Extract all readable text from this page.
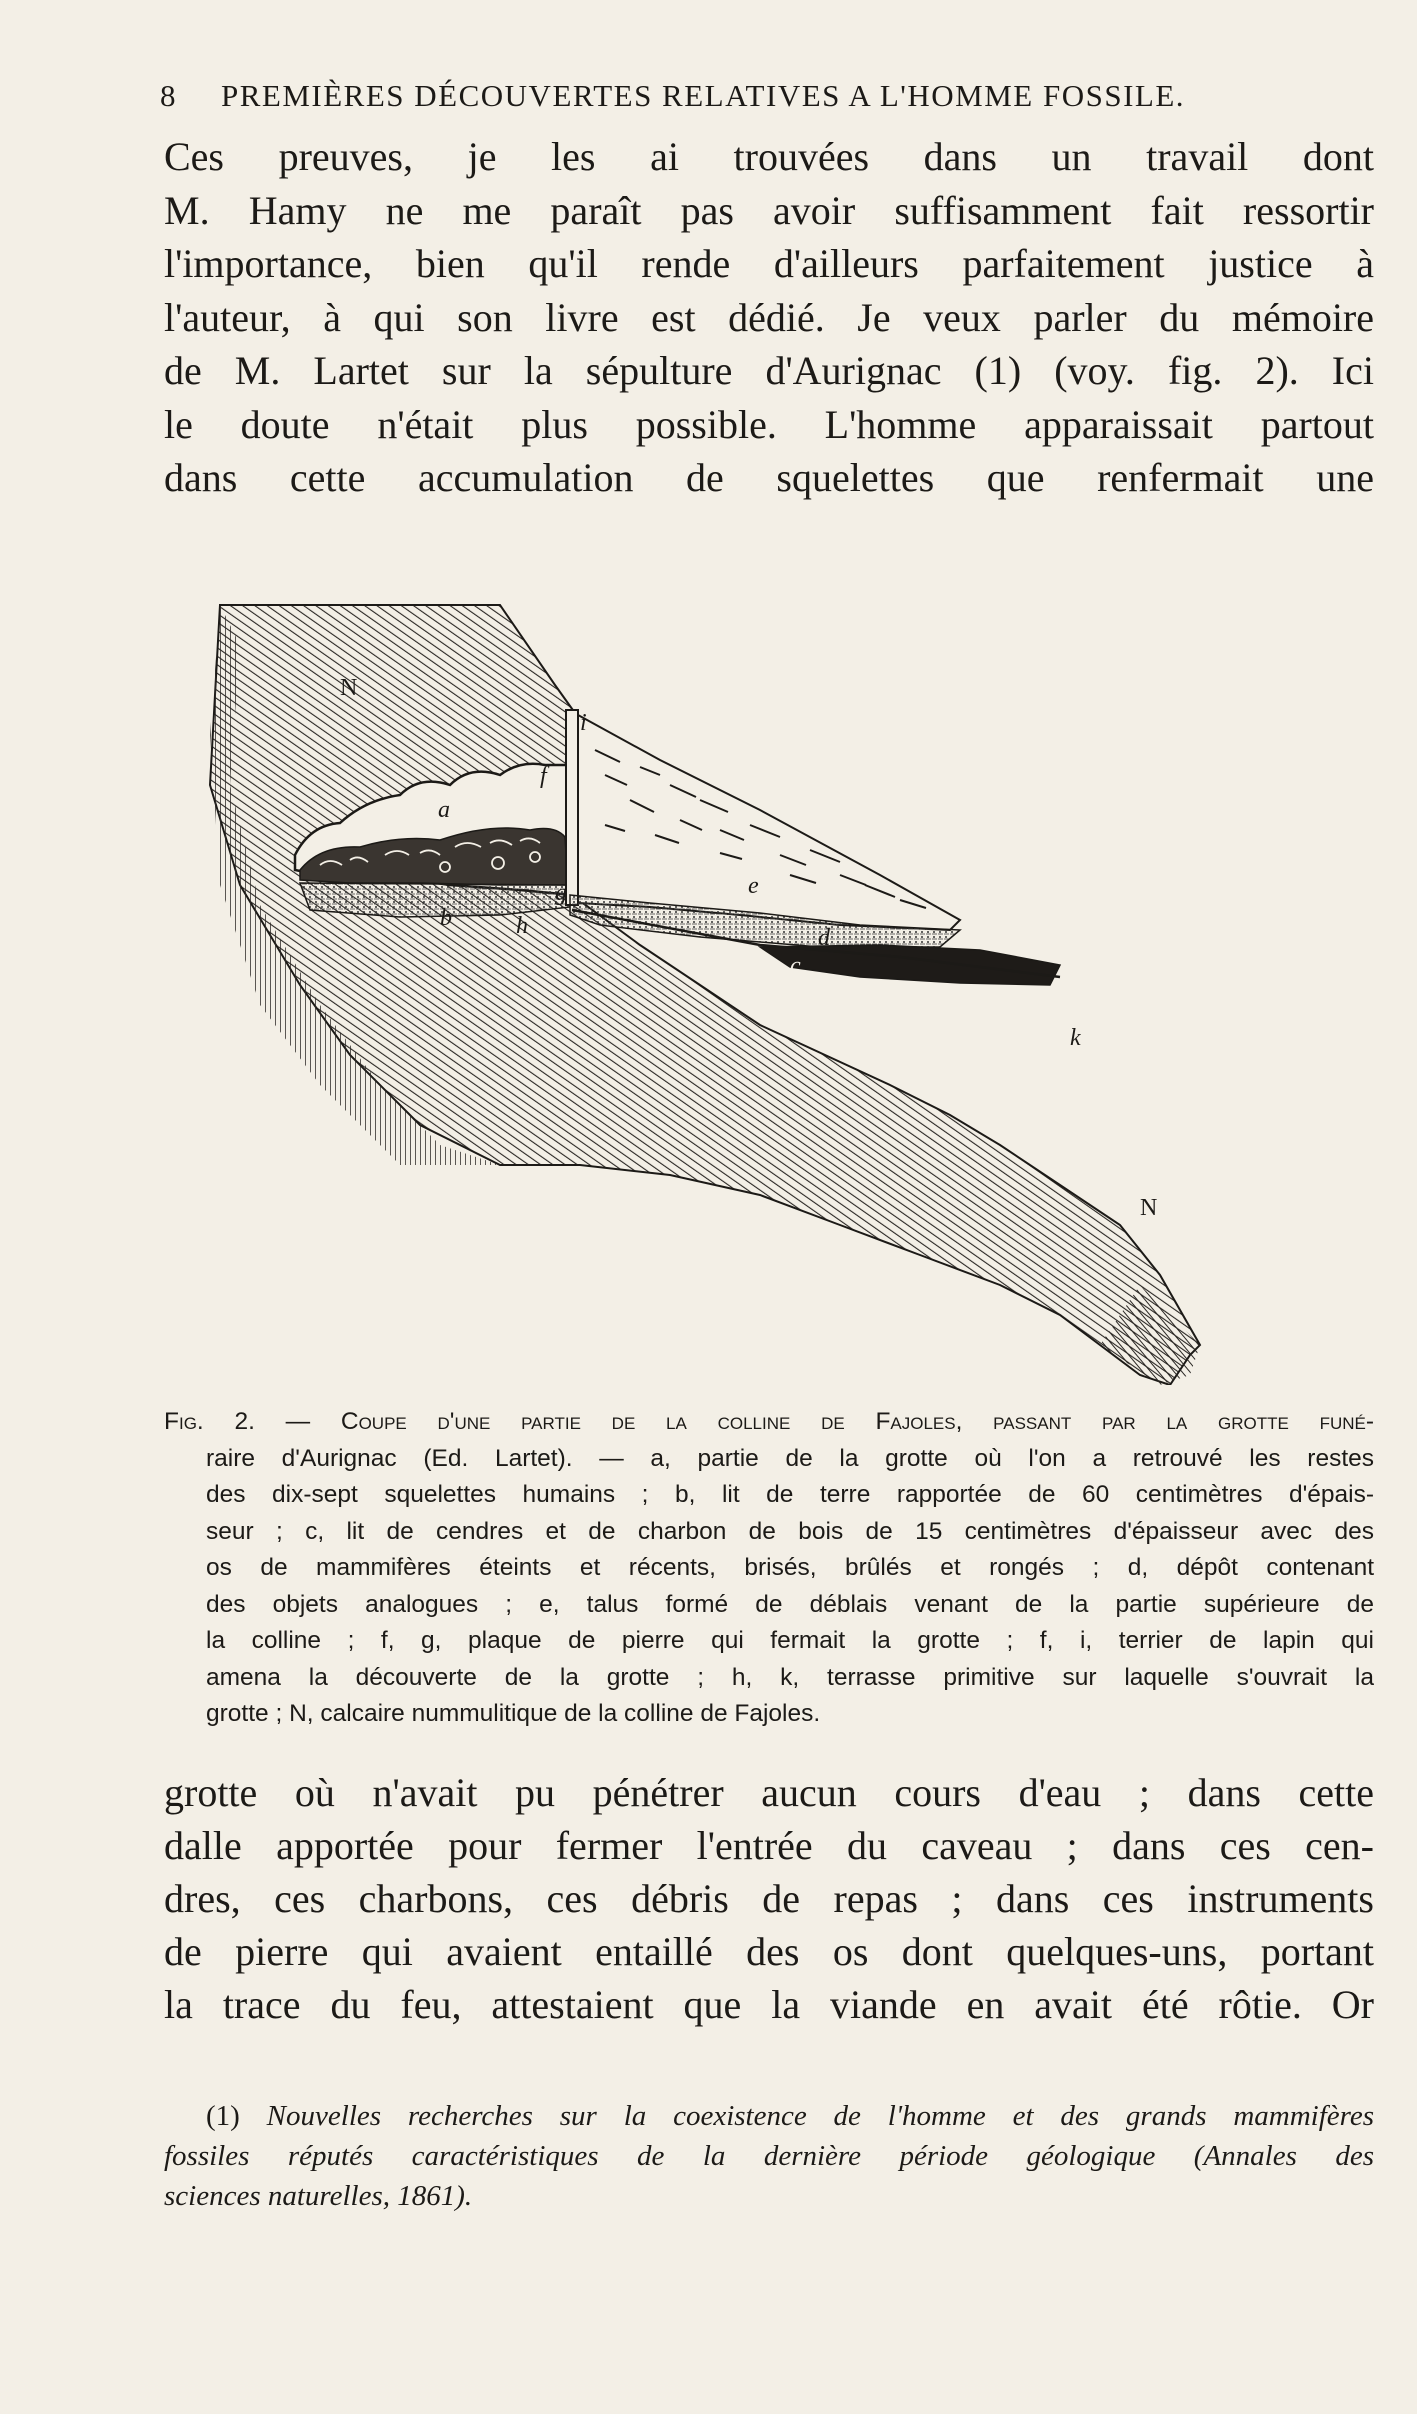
8 PREMIÈRES DÉCOUVERTES RELATIVES A L'HOMME FOSSILE.
Ces preuves, je les ai trouvées dans un travail dont
M. Hamy ne me paraît pas avoir suffisamment fait ressortir
l'importance, bien qu'il rende d'ailleurs parfaitement justice à
l'auteur, à qui son livre est dédié. Je veux parler du mémoire
de M. Lartet sur la sépulture d'Aurignac (1) (voy. fig. 2). Ici
le doute n'était plus possible. L'homme apparaissait partout
dans cette accumulation de squelettes que renfermait une
N
N
a
b
c
d
e
f
g
h
i
k
Fig. 2. — Coupe d'une partie de la colline de Fajoles, passant par la grotte funé-
raire d'Aurignac (Ed. Lartet). — a, partie de la grotte où l'on a retrouvé les restes
des dix-sept squelettes humains ; b, lit de terre rapportée de 60 centimètres d'épais-
seur ; c, lit de cendres et de charbon de bois de 15 centimètres d'épaisseur avec des
os de mammifères éteints et récents, brisés, brûlés et rongés ; d, dépôt contenant
des objets analogues ; e, talus formé de déblais venant de la partie supérieure de
la colline ; f, g, plaque de pierre qui fermait la grotte ; f, i, terrier de lapin qui
amena la découverte de la grotte ; h, k, terrasse primitive sur laquelle s'ouvrait la
grotte ; N, calcaire nummulitique de la colline de Fajoles.
grotte où n'avait pu pénétrer aucun cours d'eau ; dans cette
dalle apportée pour fermer l'entrée du caveau ; dans ces cen-
dres, ces charbons, ces débris de repas ; dans ces instruments
de pierre qui avaient entaillé des os dont quelques-uns, portant
la trace du feu, attestaient que la viande en avait été rôtie. Or
(1) Nouvelles recherches sur la coexistence de l'homme et des grands mammifères
fossiles réputés caractéristiques de la dernière période géologique (Annales des
sciences naturelles, 1861).
